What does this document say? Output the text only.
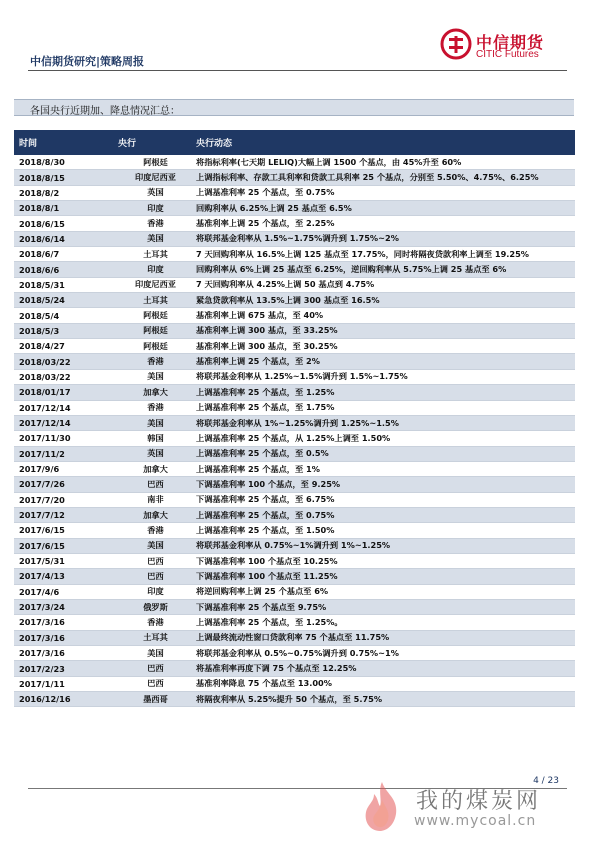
中信期货
CITIC Futures
中信期货研究|策略周报
各国央行近期加、降息情况汇总：
时间	央行	央行动态
2018/8/30	阿根廷	将指标利率(七天期 LELIQ)大幅上调 1500 个基点，由 45%升至 60%
2018/8/15	印度尼西亚	上调指标利率、存款工具利率和贷款工具利率 25 个基点，分别至 5.50%、4.75%、6.25%
2018/8/2	英国	上调基准利率 25 个基点，至 0.75%
2018/8/1	印度	回购利率从 6.25%上调 25 基点至 6.5%
2018/6/15	香港	基准利率上调 25 个基点，至 2.25%
2018/6/14	美国	将联邦基金利率从 1.5%~1.75%调升到 1.75%~2%
2018/6/7	土耳其	7 天回购利率从 16.5%上调 125 基点至 17.75%，同时将隔夜贷款利率上调至 19.25%
2018/6/6	印度	回购利率从 6%上调 25 基点至 6.25%，逆回购利率从 5.75%上调 25 基点至 6%
2018/5/31	印度尼西亚	7 天回购利率从 4.25%上调 50 基点到 4.75%
2018/5/24	土耳其	紧急贷款利率从 13.5%上调 300 基点至 16.5%
2018/5/4	阿根廷	基准利率上调 675 基点，至 40%
2018/5/3	阿根廷	基准利率上调 300 基点，至 33.25%
2018/4/27	阿根廷	基准利率上调 300 基点，至 30.25%
2018/03/22	香港	基准利率上调 25 个基点，至 2%
2018/03/22	美国	将联邦基金利率从 1.25%~1.5%调升到 1.5%~1.75%
2018/01/17	加拿大	上调基准利率 25 个基点，至 1.25%
2017/12/14	香港	上调基准利率 25 个基点，至 1.75%
2017/12/14	美国	将联邦基金利率从 1%~1.25%调升到 1.25%~1.5%
2017/11/30	韩国	上调基准利率 25 个基点，从 1.25%上调至 1.50%
2017/11/2	英国	上调基准利率 25 个基点，至 0.5%
2017/9/6	加拿大	上调基准利率 25 个基点，至 1%
2017/7/26	巴西	下调基准利率 100 个基点，至 9.25%
2017/7/20	南非	下调基准利率 25 个基点，至 6.75%
2017/7/12	加拿大	上调基准利率 25 个基点，至 0.75%
2017/6/15	香港	上调基准利率 25 个基点，至 1.50%
2017/6/15	美国	将联邦基金利率从 0.75%~1%调升到 1%~1.25%
2017/5/31	巴西	下调基准利率 100 个基点至 10.25%
2017/4/13	巴西	下调基准利率 100 个基点至 11.25%
2017/4/6	印度	将逆回购利率上调 25 个基点至 6%
2017/3/24	俄罗斯	下调基准利率 25 个基点至 9.75%
2017/3/16	香港	上调基准利率 25 个基点，至 1.25%。
2017/3/16	土耳其	上调最终流动性窗口贷款利率 75 个基点至 11.75%
2017/3/16	美国	将联邦基金利率从 0.5%~0.75%调升到 0.75%~1%
2017/2/23	巴西	将基准利率再度下调 75 个基点至 12.25%
2017/1/11	巴西	基准利率降息 75 个基点至 13.00%
2016/12/16	墨西哥	将隔夜利率从 5.25%提升 50 个基点，至 5.75%
4 / 23
我的煤炭网
www.mycoal.cn
